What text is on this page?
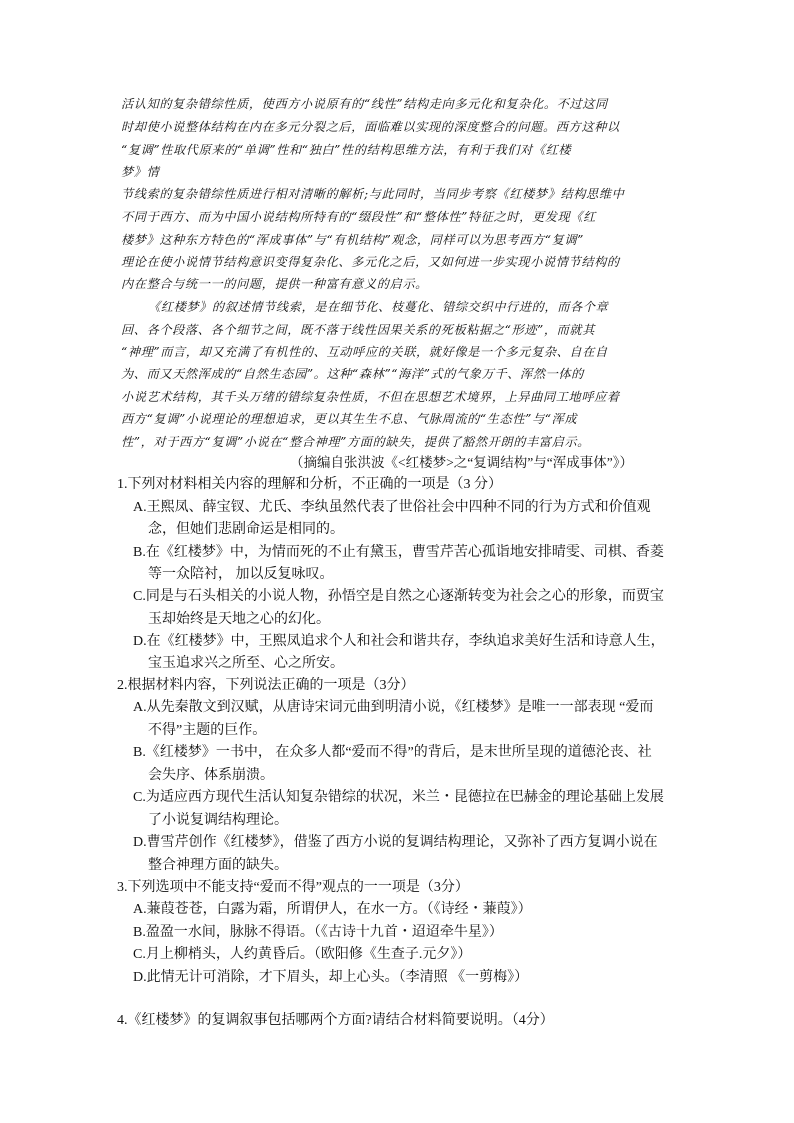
活认知的复杂错综性质，使西方小说原有的“线性”结构走向多元化和复杂化。不过这同
时却使小说整体结构在内在多元分裂之后，面临难以实现的深度整合的问题。西方这种以
“复调”性取代原来的“单调”性和“独白”性的结构思维方法，有利于我们对《红楼
梦》情
节线索的复杂错综性质进行相对清晰的解析;与此同时，当同步考察《红楼梦》结构思维中
不同于西方、而为中国小说结构所特有的“缀段性”和“整体性”特征之时，更发现《红
楼梦》这种东方特色的“浑成事体”与“有机结构”观念，同样可以为思考西方“复调”
理论在使小说情节结构意识变得复杂化、多元化之后，又如何进一步实现小说情节结构的
内在整合与统一一的问题，提供一种富有意义的启示。
《红楼梦》的叙述情节线索，是在细节化、枝蔓化、错综交织中行进的，而各个章
回、各个段落、各个细节之间，既不落于线性因果关系的死板粘据之“形迹”，而就其
“神理”而言，却又充满了有机性的、互动呼应的关联，就好像是一个多元复杂、自在自
为、而又天然浑成的“自然生态园”。这种“森林”“海洋”式的气象万千、浑然一体的
小说艺术结构，其千头万绪的错综复杂性质，不但在思想艺术境界，上异曲同工地呼应着
西方“复调”小说理论的理想追求，更以其生生不息、气脉周流的“生态性”与“浑成
性”，对于西方“复调”小说在“整合神理”方面的缺失，提供了豁然开朗的丰富启示。
（摘编自张洪波《<红楼梦>之“复调结构”与“浑成事体”》）
1.下列对材料相关内容的理解和分析，不正确的一项是（3 分）
A.王熙凤、薛宝钗、尤氏、李纨虽然代表了世俗社会中四种不同的行为方式和价值观
念，但她们悲剧命运是相同的。
B.在《红楼梦》中，为情而死的不止有黛玉，曹雪芹苦心孤诣地安排晴雯、司棋、香菱
等一众陪衬， 加以反复咏叹。
C.同是与石头相关的小说人物，孙悟空是自然之心逐渐转变为社会之心的形象，而贾宝
玉却始终是天地之心的幻化。
D.在《红楼梦》中，王熙凤追求个人和社会和谐共存，李纨追求美好生活和诗意人生，
宝玉追求兴之所至、心之所安。
2.根据材料内容，下列说法正确的一项是（3分）
A.从先秦散文到汉赋，从唐诗宋词元曲到明清小说，《红楼梦》是唯一一部表现 “爱而
不得”主题的巨作。
B.《红楼梦》一书中， 在众多人都“爱而不得”的背后，是末世所呈现的道德沦丧、社
会失序、体系崩溃。
C.为适应西方现代生活认知复杂错综的状况，米兰・昆德拉在巴赫金的理论基础上发展
了小说复调结构理论。
D.曹雪芹创作《红楼梦》，借鉴了西方小说的复调结构理论，又弥补了西方复调小说在
整合神理方面的缺失。
3.下列选项中不能支持“爱而不得”观点的一一项是（3分）
A.蒹葭苍苍，白露为霜，所谓伊人，在水一方。（《诗经・蒹葭》）
B.盈盈一水间，脉脉不得语。（《古诗十九首・迢迢牵牛星》）
C.月上柳梢头，人约黄昏后。（欧阳修《生查子.元夕》）
D.此情无计可消除，才下眉头，却上心头。（李清照 《一剪梅》）
4.《红楼梦》的复调叙事包括哪两个方面?请结合材料简要说明。（4分）
